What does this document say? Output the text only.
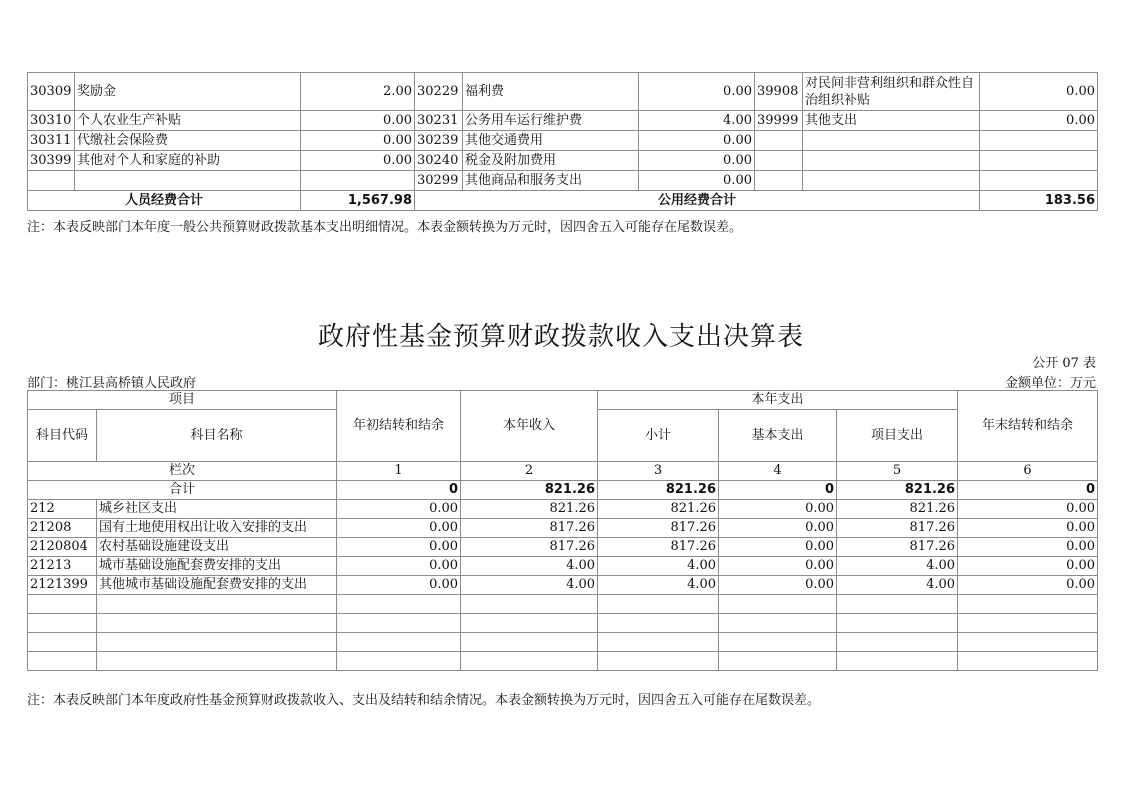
30309	奖励金	2.00	30229	福利费	0.00	39908	对民间非营利组织和群众性自治组织补贴	0.00
30310	个人农业生产补贴	0.00	30231	公务用车运行维护费	4.00	39999	其他支出	0.00
30311	代缴社会保险费	0.00	30239	其他交通费用	0.00			
30399	其他对个人和家庭的补助	0.00	30240	税金及附加费用	0.00			
			30299	其他商品和服务支出	0.00			
人员经费合计		1,567.98	公用经费合计					183.56
注：本表反映部门本年度一般公共预算财政拨款基本支出明细情况。本表金额转换为万元时，因四舍五入可能存在尾数误差。
政府性基金预算财政拨款收入支出决算表
公开 07 表
部门：桃江县高桥镇人民政府	金额单位：万元
项目		年初结转和结余	本年收入	本年支出			年末结转和结余
科目代码	科目名称			小计	基本支出	项目支出	
栏次		1	2	3	4	5	6
合计		0	821.26	821.26	0	821.26	0
212	城乡社区支出	0.00	821.26	821.26	0.00	821.26	0.00
21208	国有土地使用权出让收入安排的支出	0.00	817.26	817.26	0.00	817.26	0.00
2120804	农村基础设施建设支出	0.00	817.26	817.26	0.00	817.26	0.00
21213	城市基础设施配套费安排的支出	0.00	4.00	4.00	0.00	4.00	0.00
2121399	其他城市基础设施配套费安排的支出	0.00	4.00	4.00	0.00	4.00	0.00

注：本表反映部门本年度政府性基金预算财政拨款收入、支出及结转和结余情况。本表金额转换为万元时，因四舍五入可能存在尾数误差。
